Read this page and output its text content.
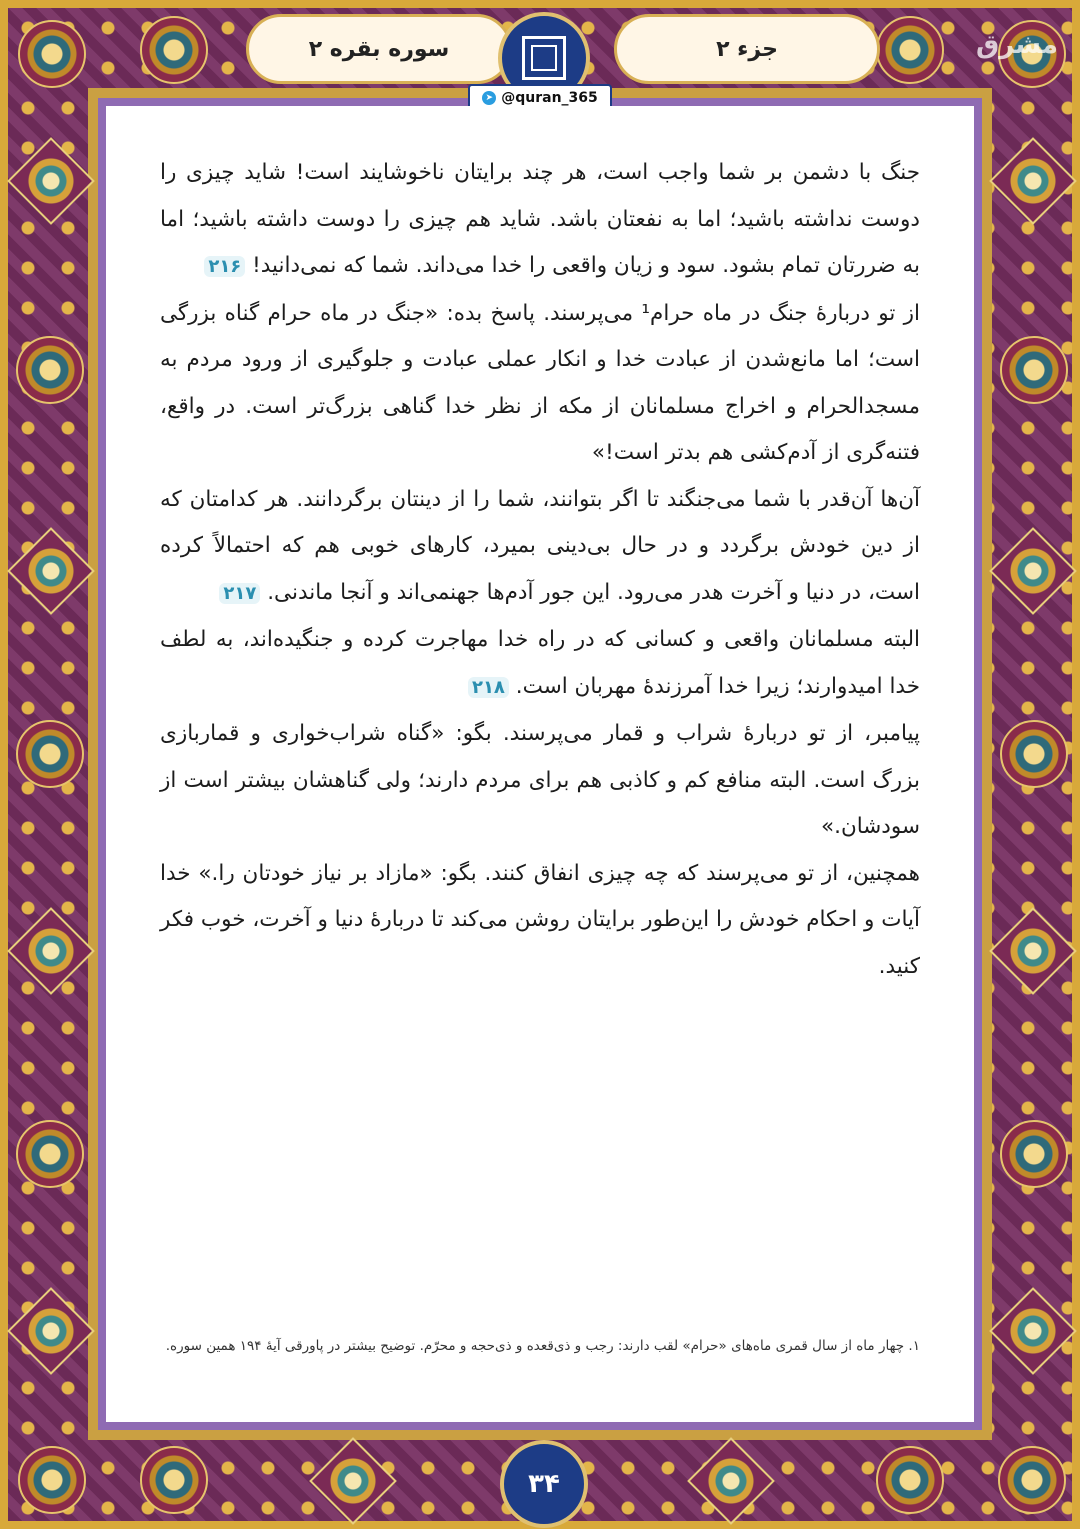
سوره بقره ۲	جزء ۲
➤ @quran_365
مشرق

جنگ با دشمن بر شما واجب است، هر چند برایتان ناخوشایند است! شاید چیزی را دوست نداشته باشید؛ اما به نفعتان باشد. شاید هم چیزی را دوست داشته باشید؛ اما به ضررتان تمام بشود. سود و زیان واقعی را خدا می‌داند. شما که نمی‌دانید! ۲۱۶

از تو دربارهٔ جنگ در ماه حرام¹ می‌پرسند. پاسخ بده: «جنگ در ماه حرام گناه بزرگی است؛ اما مانع‌شدن از عبادت خدا و انکار عملی عبادت و جلوگیری از ورود مردم به مسجدالحرام و اخراج مسلمانان از مکه از نظر خدا گناهی بزرگ‌تر است. در واقع، فتنه‌گری از آدم‌کشی هم بدتر است!»

آن‌ها آن‌قدر با شما می‌جنگند تا اگر بتوانند، شما را از دینتان برگردانند. هر کدامتان که از دین خودش برگردد و در حال بی‌دینی بمیرد، کارهای خوبی هم که احتمالاً کرده است، در دنیا و آخرت هدر می‌رود. این جور آدم‌ها جهنمی‌اند و آنجا ماندنی. ۲۱۷

البته مسلمانان واقعی و کسانی که در راه خدا مهاجرت کرده و جنگیده‌اند، به لطف خدا امیدوارند؛ زیرا خدا آمرزندهٔ مهربان است. ۲۱۸

پیامبر، از تو دربارهٔ شراب و قمار می‌پرسند. بگو: «گناه شراب‌خواری و قماربازی بزرگ است. البته منافع کم و کاذبی هم برای مردم دارند؛ ولی گناهشان بیشتر است از سودشان.»

همچنین، از تو می‌پرسند که چه چیزی انفاق کنند. بگو: «مازاد بر نیاز خودتان را.» خدا آیات و احکام خودش را این‌طور برایتان روشن می‌کند تا دربارهٔ دنیا و آخرت، خوب فکر کنید.

۱. چهار ماه از سال قمری ماه‌های «حرام» لقب دارند: رجب و ذی‌قعده و ذی‌حجه و محرّم. توضیح بیشتر در پاورقی آیهٔ ۱۹۴ همین سوره.
۳۴
